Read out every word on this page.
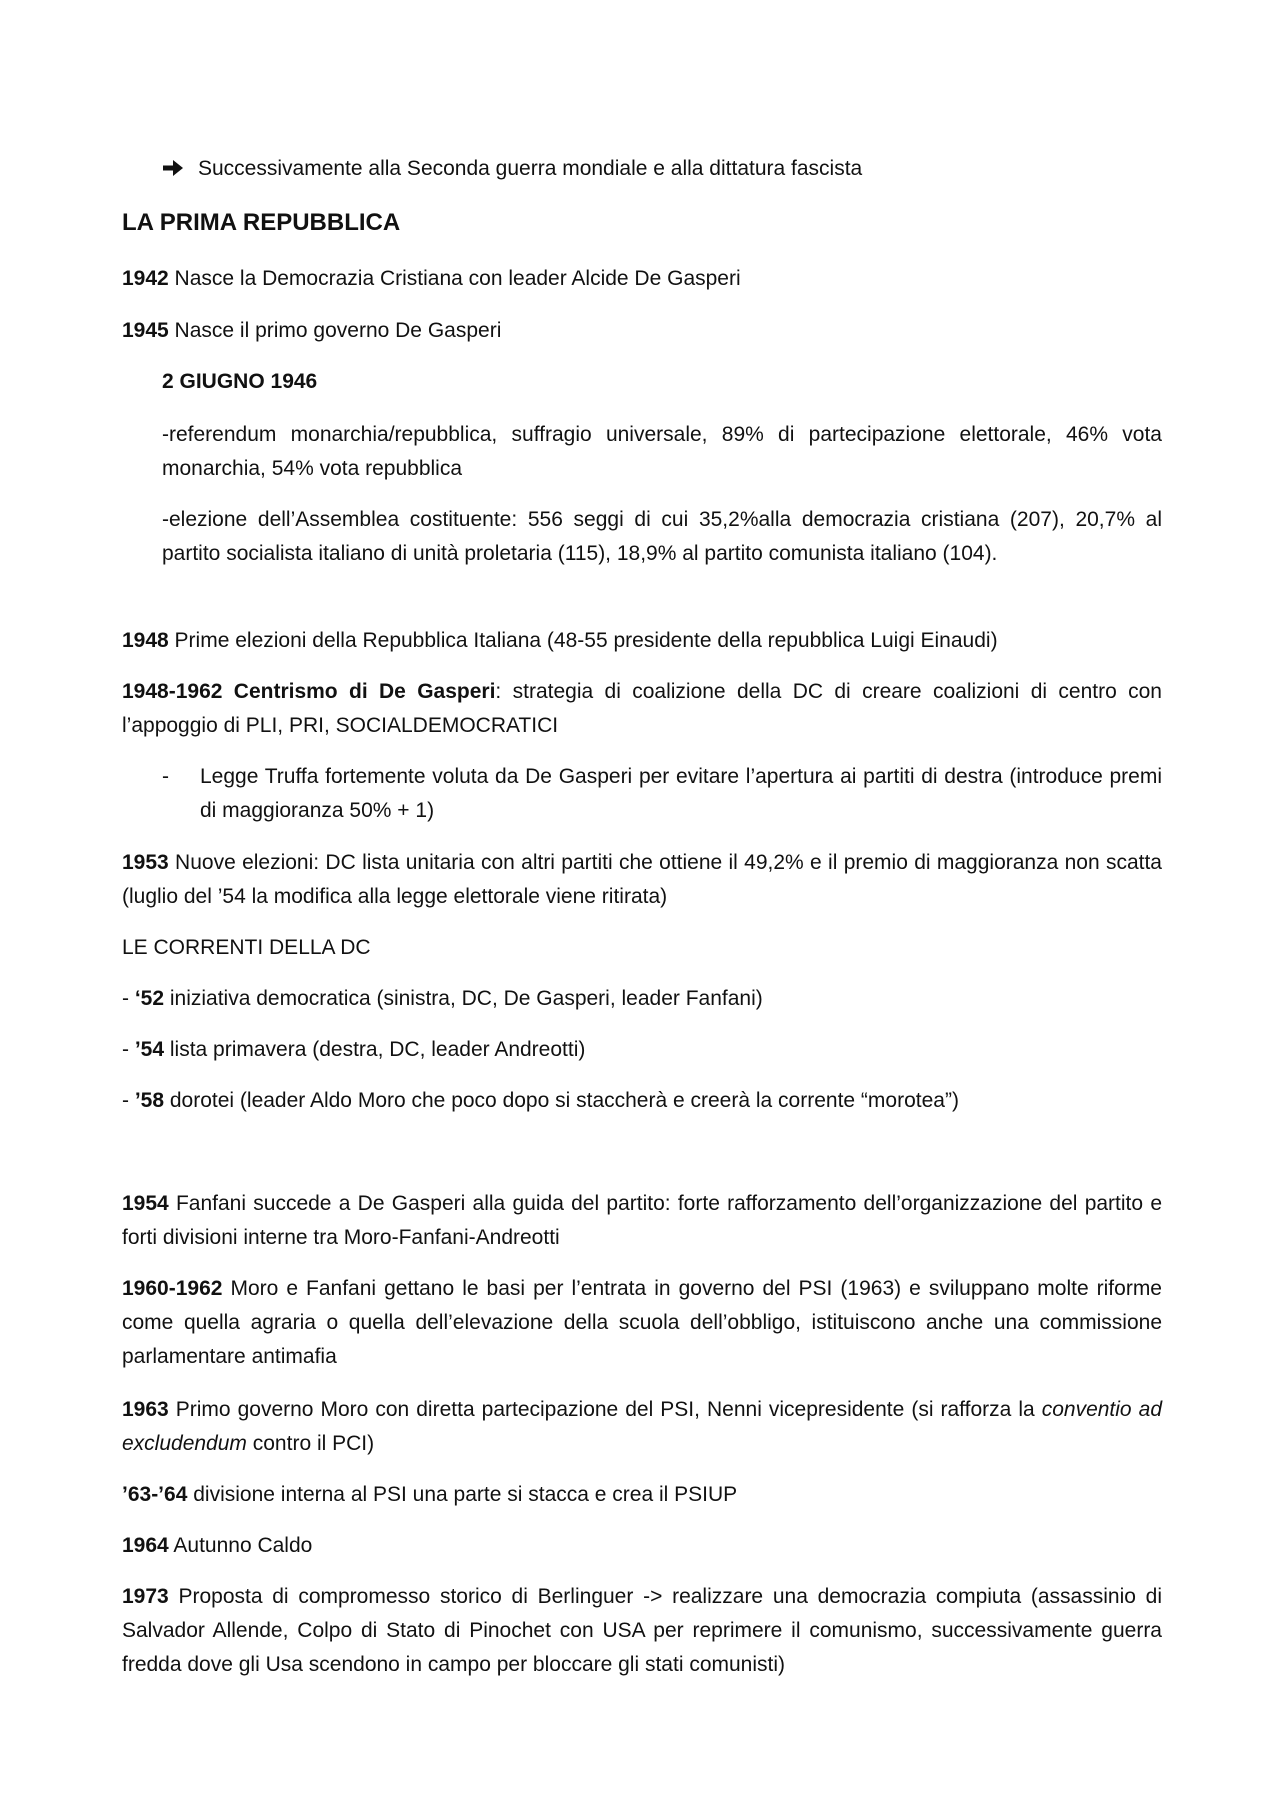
Successivamente alla Seconda guerra mondiale e alla dittatura fascista

LA PRIMA REPUBBLICA

1942 Nasce la Democrazia Cristiana con leader Alcide De Gasperi

1945 Nasce il primo governo De Gasperi

2 GIUGNO 1946

-referendum monarchia/repubblica, suffragio universale, 89% di partecipazione elettorale, 46% vota monarchia, 54% vota repubblica

-elezione dell’Assemblea costituente: 556 seggi di cui 35,2%alla democrazia cristiana (207), 20,7% al partito socialista italiano di unità proletaria (115), 18,9% al partito comunista italiano (104).

1948 Prime elezioni della Repubblica Italiana (48-55 presidente della repubblica Luigi Einaudi)

1948-1962 Centrismo di De Gasperi: strategia di coalizione della DC di creare coalizioni di centro con l’appoggio di PLI, PRI, SOCIALDEMOCRATICI

-	Legge Truffa fortemente voluta da De Gasperi per evitare l’apertura ai partiti di destra (introduce premi di maggioranza 50% + 1)

1953 Nuove elezioni: DC lista unitaria con altri partiti che ottiene il 49,2% e il premio di maggioranza non scatta (luglio del ’54 la modifica alla legge elettorale viene ritirata)

LE CORRENTI DELLA DC

- ‘52 iniziativa democratica (sinistra, DC, De Gasperi, leader Fanfani)

- ’54 lista primavera (destra, DC, leader Andreotti)

- ’58 dorotei (leader Aldo Moro che poco dopo si staccherà e creerà la corrente “morotea”)

1954 Fanfani succede a De Gasperi alla guida del partito: forte rafforzamento dell’organizzazione del partito e forti divisioni interne tra Moro-Fanfani-Andreotti

1960-1962 Moro e Fanfani gettano le basi per l’entrata in governo del PSI (1963) e sviluppano molte riforme come quella agraria o quella dell’elevazione della scuola dell’obbligo, istituiscono anche una commissione parlamentare antimafia

1963 Primo governo Moro con diretta partecipazione del PSI, Nenni vicepresidente (si rafforza la conventio ad excludendum contro il PCI)

’63-’64 divisione interna al PSI una parte si stacca e crea il PSIUP

1964 Autunno Caldo

1973 Proposta di compromesso storico di Berlinguer -> realizzare una democrazia compiuta (assassinio di Salvador Allende, Colpo di Stato di Pinochet con USA per reprimere il comunismo, successivamente guerra fredda dove gli Usa scendono in campo per bloccare gli stati comunisti)
